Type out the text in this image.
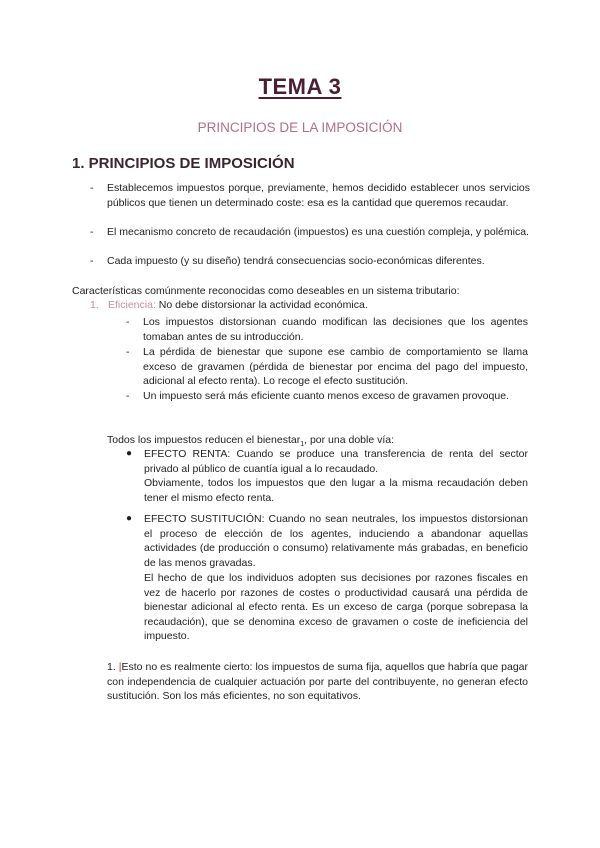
TEMA 3
PRINCIPIOS DE LA IMPOSICIÓN
1. PRINCIPIOS DE IMPOSICIÓN
- Establecemos impuestos porque, previamente, hemos decidido establecer unos servicios públicos que tienen un determinado coste: esa es la cantidad que queremos recaudar.
- El mecanismo concreto de recaudación (impuestos) es una cuestión compleja, y polémica.
- Cada impuesto (y su diseño) tendrá consecuencias socio-económicas diferentes.
Características comúnmente reconocidas como deseables en un sistema tributario:
1. Eficiencia: No debe distorsionar la actividad económica.
- Los impuestos distorsionan cuando modifican las decisiones que los agentes tomaban antes de su introducción.
- La pérdida de bienestar que supone ese cambio de comportamiento se llama exceso de gravamen (pérdida de bienestar por encima del pago del impuesto, adicional al efecto renta). Lo recoge el efecto sustitución.
- Un impuesto será más eficiente cuanto menos exceso de gravamen provoque.
Todos los impuestos reducen el bienestar$_1$, por una doble vía:
● EFECTO RENTA: Cuando se produce una transferencia de renta del sector privado al público de cuantía igual a lo recaudado.
Obviamente, todos los impuestos que den lugar a la misma recaudación deben tener el mismo efecto renta.
● EFECTO SUSTITUCIÓN: Cuando no sean neutrales, los impuestos distorsionan el proceso de elección de los agentes, induciendo a abandonar aquellas actividades (de producción o consumo) relativamente más grabadas, en beneficio de las menos gravadas.
El hecho de que los individuos adopten sus decisiones por razones fiscales en vez de hacerlo por razones de costes o productividad causará una pérdida de bienestar adicional al efecto renta. Es un exceso de carga (porque sobrepasa la recaudación), que se denomina exceso de gravamen o coste de ineficiencia del impuesto.
1. |Esto no es realmente cierto: los impuestos de suma fija, aquellos que habría que pagar con independencia de cualquier actuación por parte del contribuyente, no generan efecto sustitución. Son los más eficientes, no son equitativos.
